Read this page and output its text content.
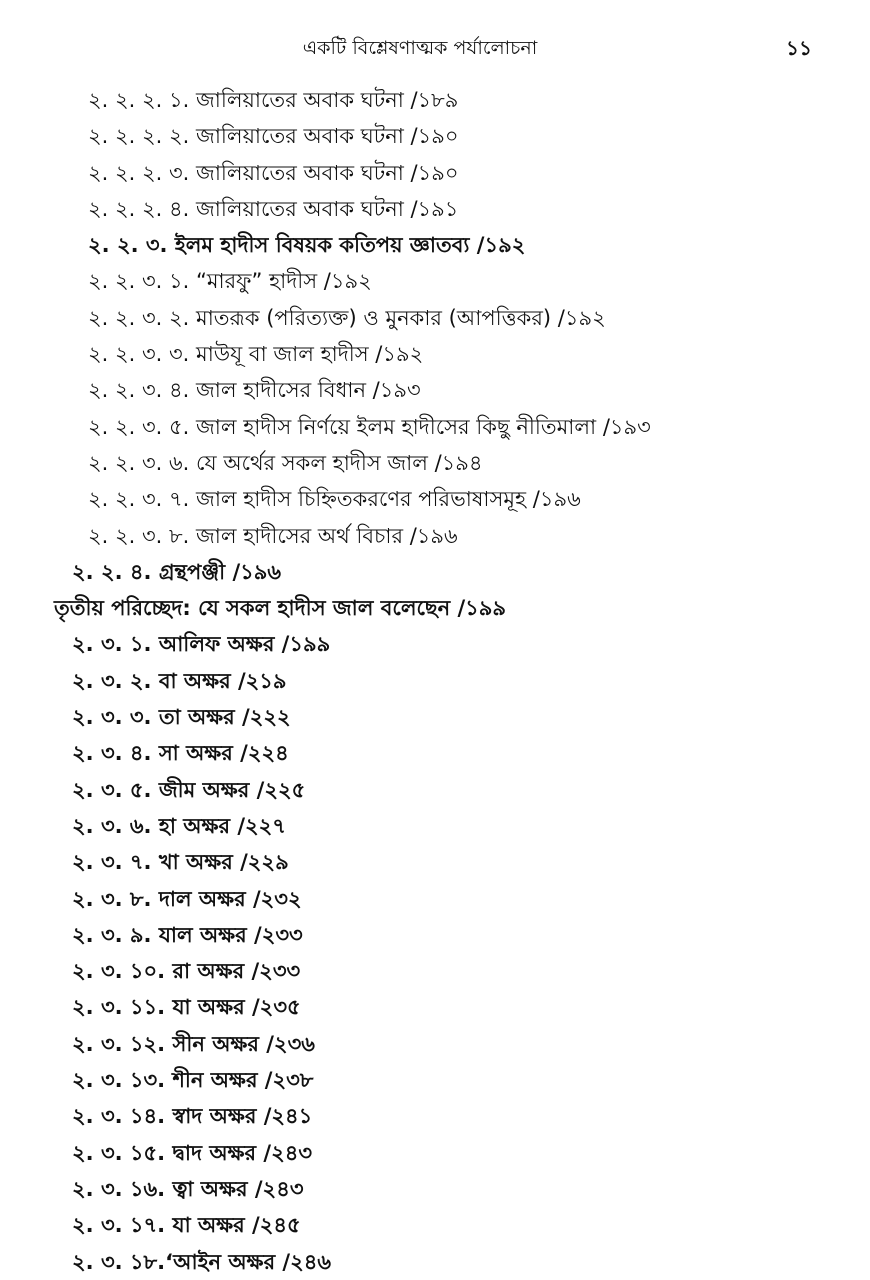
একটি বিশ্লেষণাত্মক পর্যালোচনা	১১
২. ২. ২. ১. জালিয়াতের অবাক ঘটনা /১৮৯
২. ২. ২. ২. জালিয়াতের অবাক ঘটনা /১৯০
২. ২. ২. ৩. জালিয়াতের অবাক ঘটনা /১৯০
২. ২. ২. ৪. জালিয়াতের অবাক ঘটনা /১৯১
২. ২. ৩. ইলম হাদীস বিষয়ক কতিপয় জ্ঞাতব্য /১৯২
২. ২. ৩. ১. “মারফু” হাদীস /১৯২
২. ২. ৩. ২. মাতরূক (পরিত্যক্ত) ও মুনকার (আপত্তিকর) /১৯২
২. ২. ৩. ৩. মাউযূ বা জাল হাদীস /১৯২
২. ২. ৩. ৪. জাল হাদীসের বিধান /১৯৩
২. ২. ৩. ৫. জাল হাদীস নির্ণয়ে ইলম হাদীসের কিছু নীতিমালা /১৯৩
২. ২. ৩. ৬. যে অর্থের সকল হাদীস জাল /১৯৪
২. ২. ৩. ৭. জাল হাদীস চিহ্নিতকরণের পরিভাষাসমূহ /১৯৬
২. ২. ৩. ৮. জাল হাদীসের অর্থ বিচার /১৯৬
২. ২. ৪. গ্রন্থপঞ্জী /১৯৬
তৃতীয় পরিচ্ছেদ: যে সকল হাদীস জাল বলেছেন /১৯৯
২. ৩. ১. আলিফ অক্ষর /১৯৯
২. ৩. ২. বা অক্ষর /২১৯
২. ৩. ৩. তা অক্ষর /২২২
২. ৩. ৪. সা অক্ষর /২২৪
২. ৩. ৫. জীম অক্ষর /২২৫
২. ৩. ৬. হা অক্ষর /২২৭
২. ৩. ৭. খা অক্ষর /২২৯
২. ৩. ৮. দাল অক্ষর /২৩২
২. ৩. ৯. যাল অক্ষর /২৩৩
২. ৩. ১০. রা অক্ষর /২৩৩
২. ৩. ১১. যা অক্ষর /২৩৫
২. ৩. ১২. সীন অক্ষর /২৩৬
২. ৩. ১৩. শীন অক্ষর /২৩৮
২. ৩. ১৪. স্বাদ অক্ষর /২৪১
২. ৩. ১৫. দ্বাদ অক্ষর /২৪৩
২. ৩. ১৬. ত্বা অক্ষর /২৪৩
২. ৩. ১৭. যা অক্ষর /২৪৫
২. ৩. ১৮.‘আইন অক্ষর /২৪৬
